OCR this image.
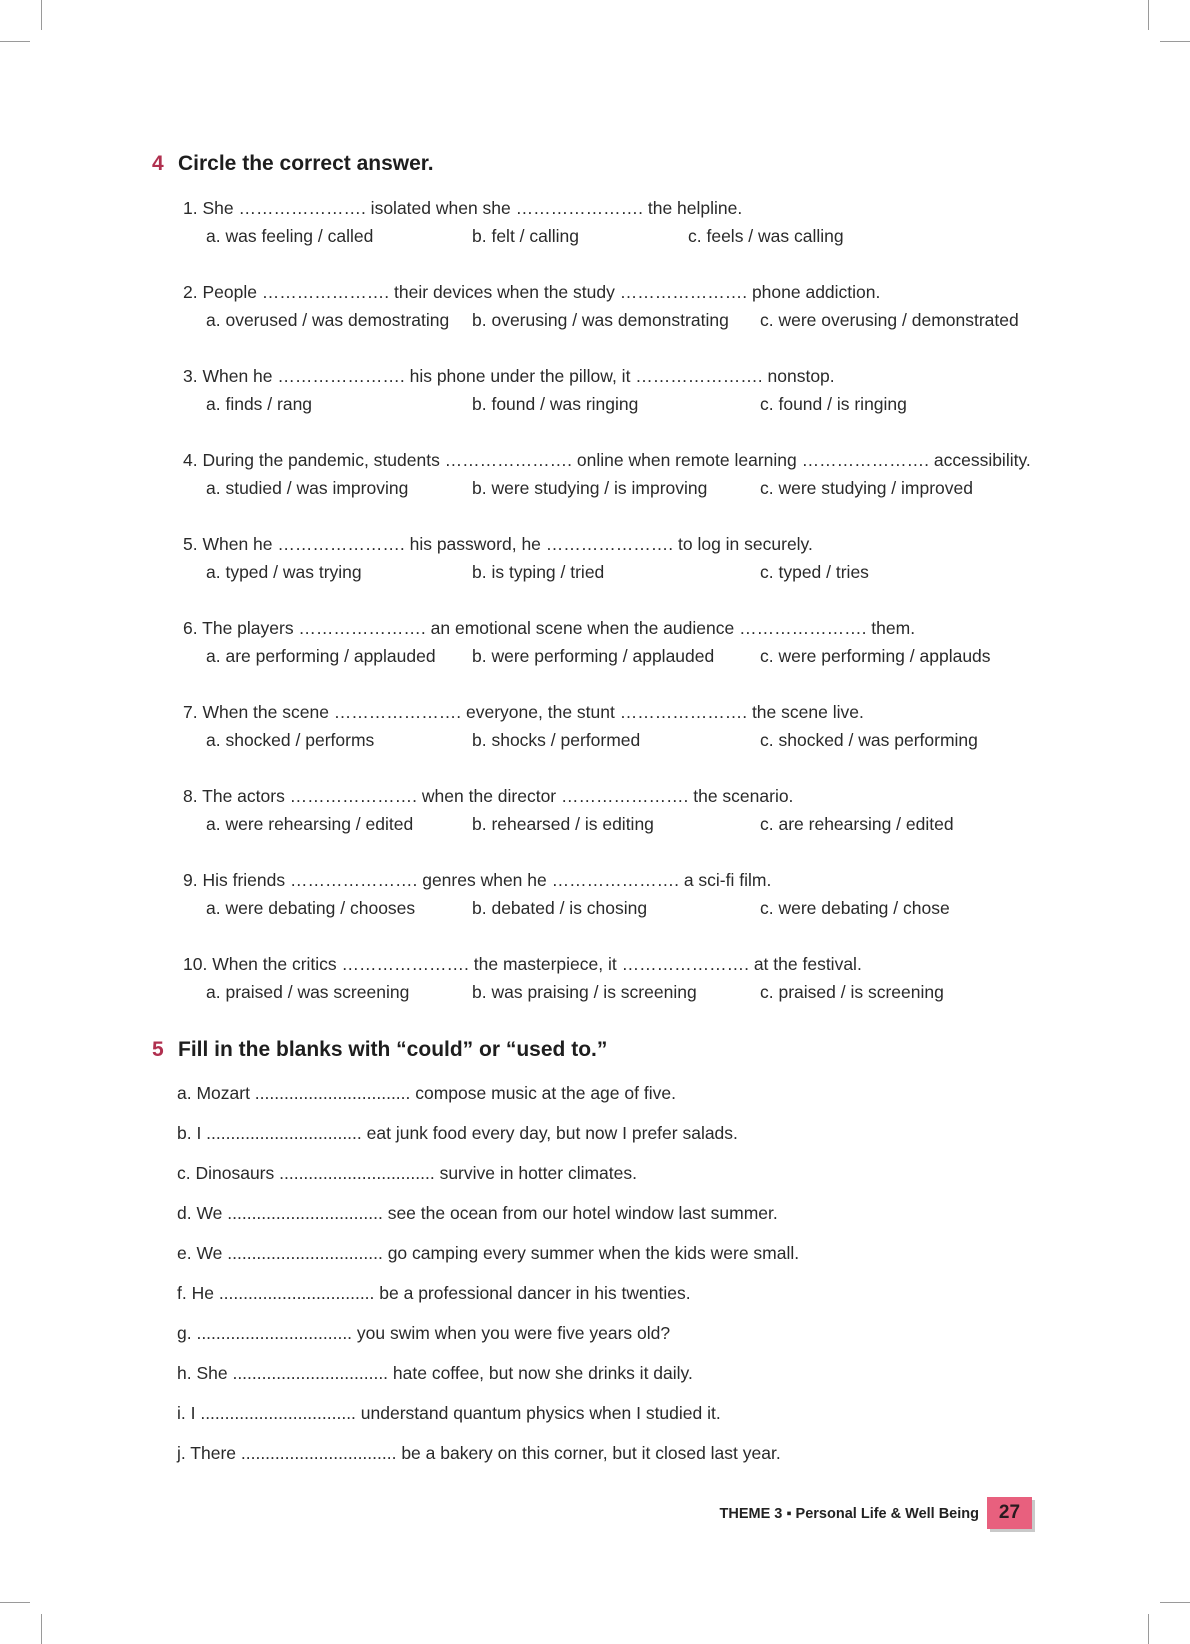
4 Circle the correct answer.
1. She …………………. isolated when she …………………. the helpline.
a. was feeling / called	b. felt / calling	c. feels / was calling
2. People …………………. their devices when the study …………………. phone addiction.
a. overused / was demostrating b. overusing / was demonstrating c. were overusing / demonstrated
3. When he …………………. his phone under the pillow, it …………………. nonstop.
a. finds / rang	b. found / was ringing	c. found / is ringing
4. During the pandemic, students …………………. online when remote learning …………………. accessibility.
a. studied / was improving	b. were studying / is improving	c. were studying / improved
5. When he …………………. his password, he …………………. to log in securely.
a. typed / was trying	b. is typing / tried	c. typed / tries
6. The players …………………. an emotional scene when the audience …………………. them.
a. are performing / applauded b. were performing / applauded	c. were performing / applauds
7. When the scene …………………. everyone, the stunt …………………. the scene live.
a. shocked / performs	b. shocks / performed	c. shocked / was performing
8. The actors …………………. when the director …………………. the scenario.
a. were rehearsing / edited	b. rehearsed / is editing	c. are rehearsing / edited
9. His friends …………………. genres when he …………………. a sci-fi film.
a. were debating / chooses	b. debated / is chosing	c. were debating / chose
10. When the critics …………………. the masterpiece, it …………………. at the festival.
a. praised / was screening	b. was praising / is screening	c. praised / is screening
5 Fill in the blanks with “could” or “used to.”
a. Mozart ................................ compose music at the age of five.
b. I ................................ eat junk food every day, but now I prefer salads.
c. Dinosaurs ................................ survive in hotter climates.
d. We ................................ see the ocean from our hotel window last summer.
e. We ................................ go camping every summer when the kids were small.
f. He ................................ be a professional dancer in his twenties.
g. ................................ you swim when you were five years old?
h. She ................................ hate coffee, but now she drinks it daily.
i. I ................................ understand quantum physics when I studied it.
j. There ................................ be a bakery on this corner, but it closed last year.
THEME 3 ▪ Personal Life & Well Being	27
